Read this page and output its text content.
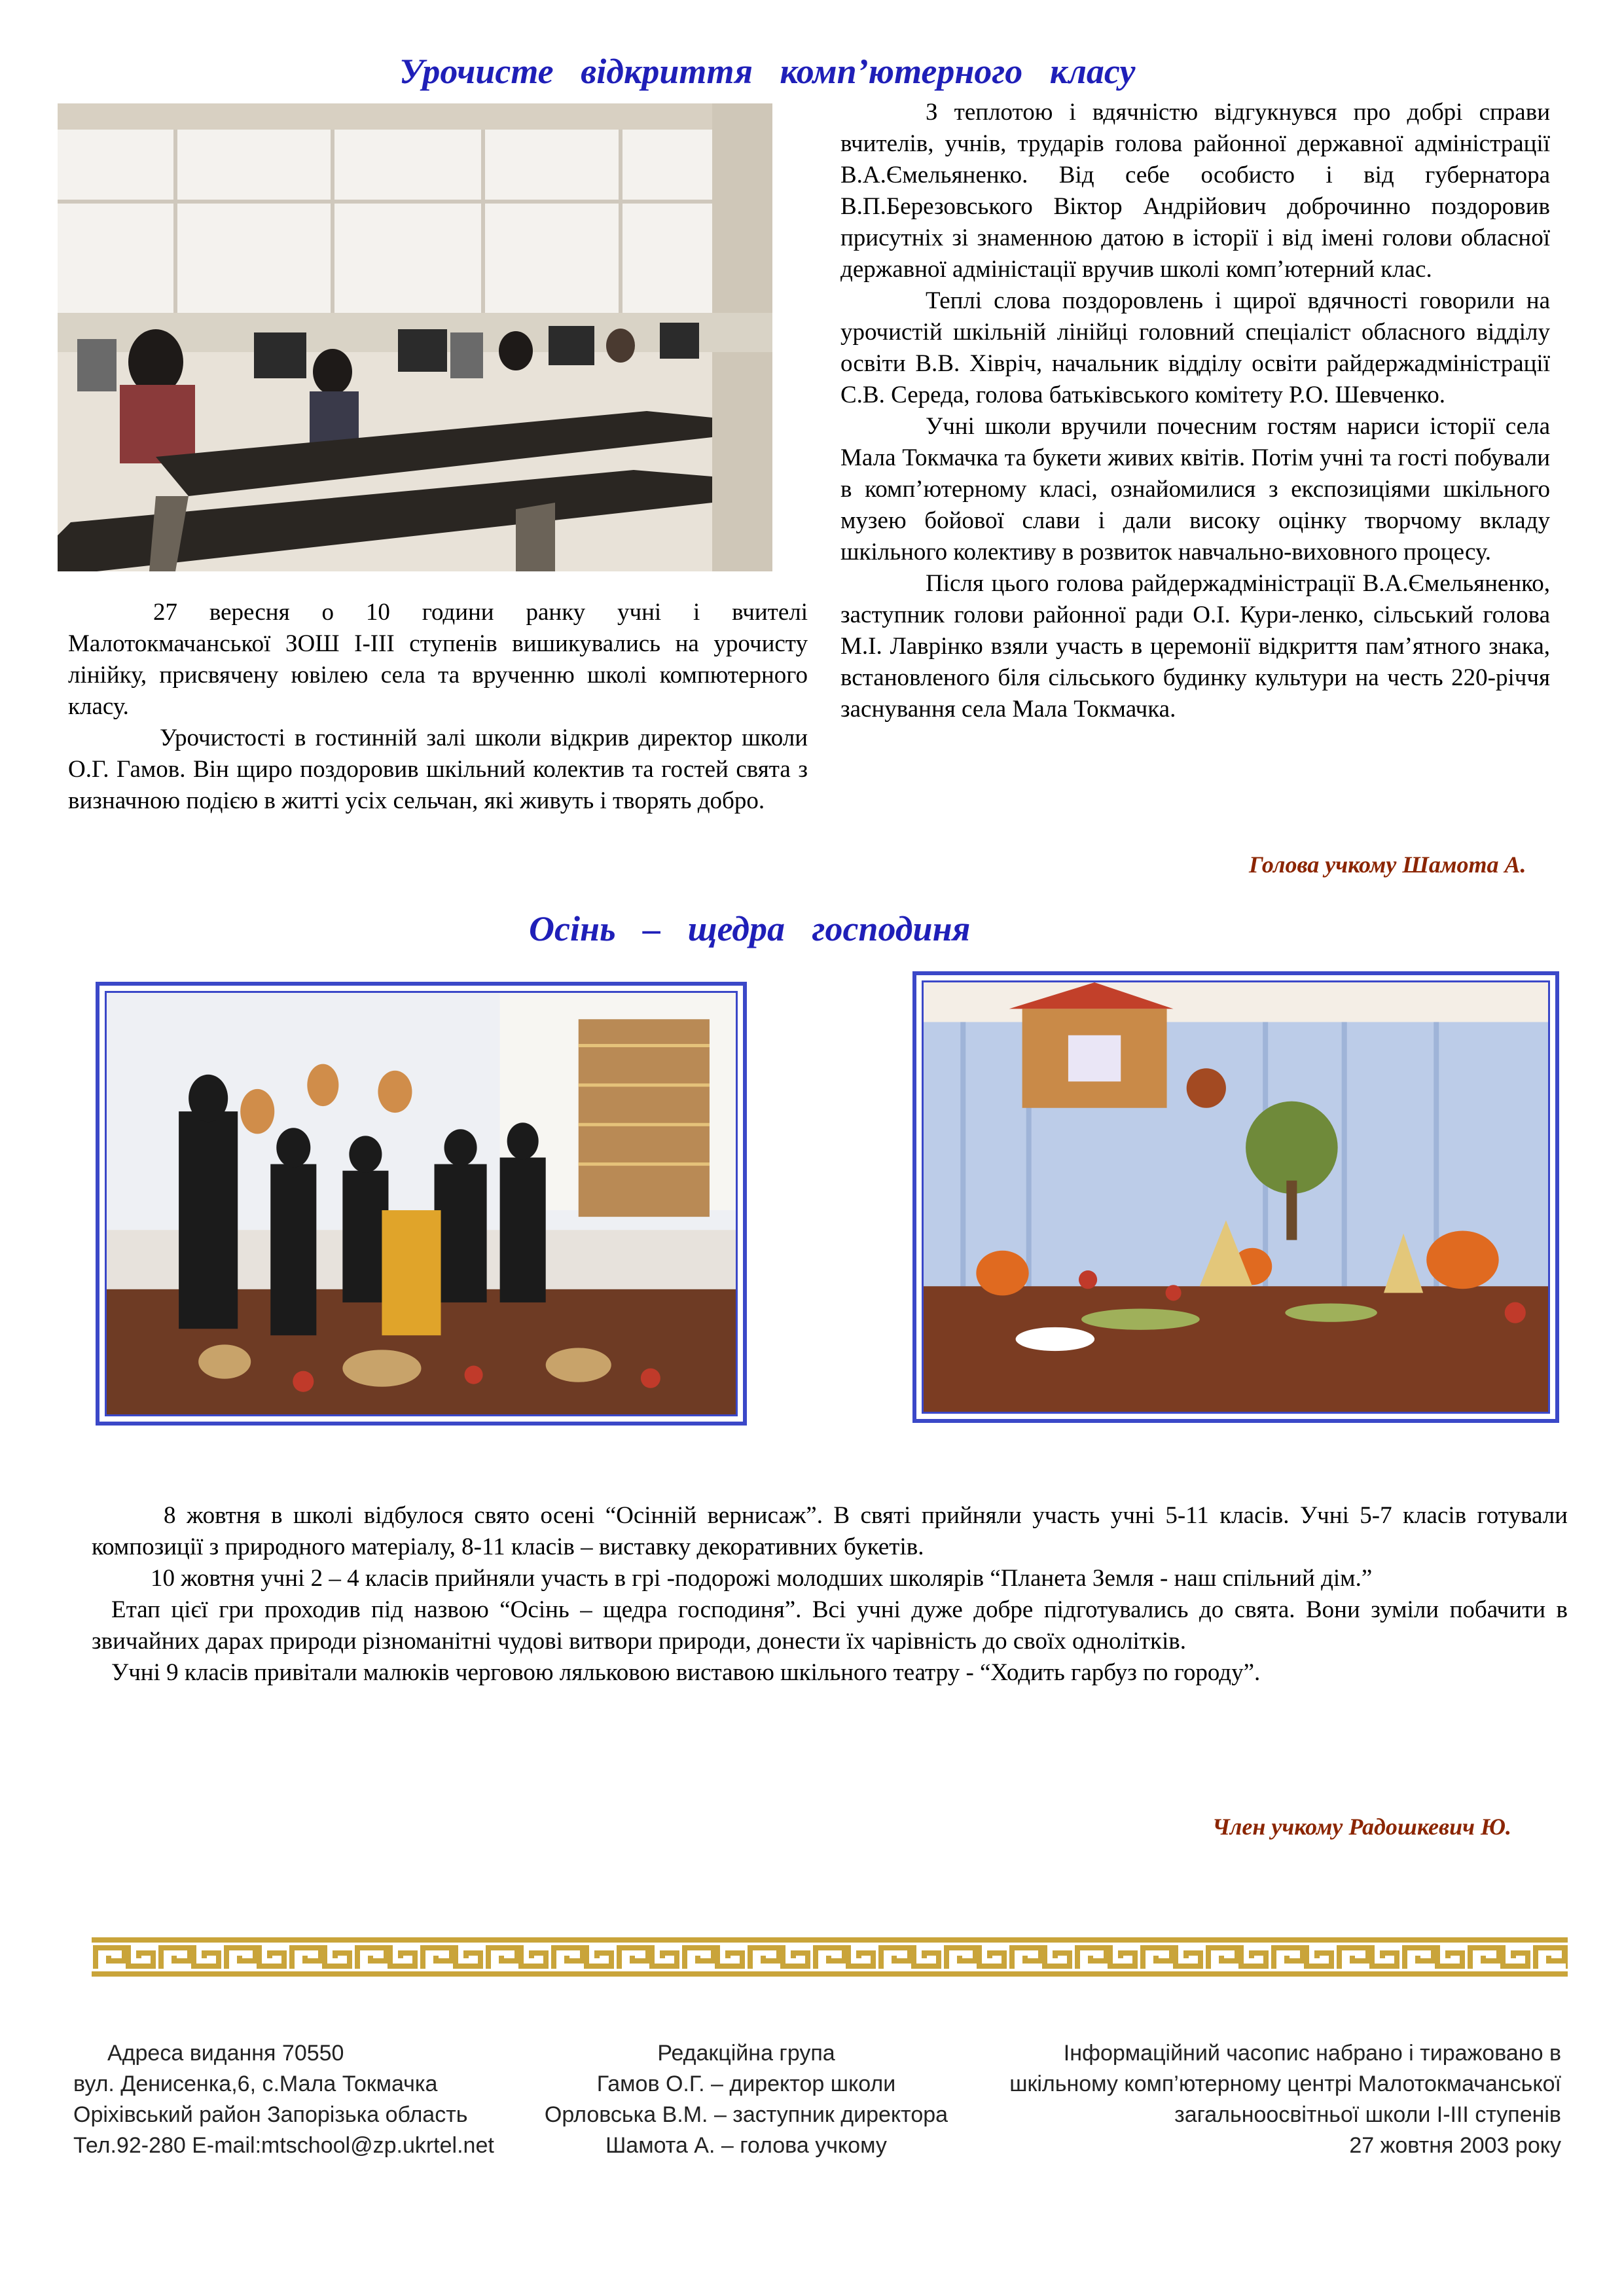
Урочисте відкриття комп’ютерного класу

27 вересня о 10 години ранку учні і вчителі Малотокмачанської ЗОШ І-ІІІ ступенів вишикувались на урочисту лінійку, присвячену ювілею села та врученню школі компютерного класу.

Урочистості в гостинній залі школи відкрив директор школи О.Г. Гамов. Він щиро поздоровив шкільний колектив та гостей свята з визначною подією в житті усіх сельчан, які живуть і творять добро.

З теплотою і вдячністю відгукнувся про добрі справи вчителів, учнів, трударів голова районної державної адміністрації В.А.Ємельяненко. Від себе особисто і від губернатора В.П.Березовського Віктор Андрійович доброчинно поздоровив присутніх зі знаменною датою в історії і від імені голови обласної державної адміністації вручив школі комп’ютерний клас.

Теплі слова поздоровлень і щирої вдячності говорили на урочистій шкільній лінійці головний спеціаліст обласного відділу освіти В.В. Хівріч, начальник відділу освіти райдержадміністрації С.В. Середа, голова батьківського комітету Р.О. Шевченко.

Учні школи вручили почесним гостям нариси історії села Мала Токмачка та букети живих квітів. Потім учні та гості побували в комп’ютерному класі, ознайомилися з експозиціями шкільного музею бойової слави і дали високу оцінку творчому вкладу шкільного колективу в розвиток навчально-виховного процесу.

Після цього голова райдержадміністрації В.А.Ємельяненко, заступник голови районної ради О.І. Кури-ленко, сільський голова М.І. Лаврінко взяли участь в церемонії відкриття пам’ятного знака, встановленого біля сільського будинку культури на честь 220-річчя заснування села Мала Токмачка.

Голова учкому Шамота А.
Осінь – щедра господиня

8 жовтня в школі відбулося свято осені “Осінній вернисаж”. В святі прийняли участь учні 5-11 класів. Учні 5-7 класів готували композиції з природного матеріалу, 8-11 класів – виставку декоративних букетів.

10 жовтня учні 2 – 4 класів прийняли участь в грі -подорожі молодших школярів “Планета Земля - наш спільний дім.”

Етап цієї гри проходив під назвою “Осінь – щедра господиня”. Всі учні дуже добре підготувались до свята. Вони зуміли побачити в звичайних дарах природи різноманітні чудові витвори природи, донести їх чарівність до своїх однолітків.

Учні 9 класів привітали малюків черговою ляльковою виставою шкільного театру - “Ходить гарбуз по городу”.

Член учкому Радошкевич Ю.
Адреса видання 70550
вул. Денисенка,6, с.Мала Токмачка
Оріхівський район Запорізька область
Тел.92-280 E-mail:mtschool@zp.ukrtel.net
Редакційна група
Гамов О.Г. – директор школи
Орловська В.М. – заступник директора
Шамота А. – голова учкому
Інформаційний часопис набрано і тиражовано в
шкільному комп’ютерному центрі Малотокмачанської
загальноосвітньої школи І-ІІІ ступенів
27 жовтня 2003 року
